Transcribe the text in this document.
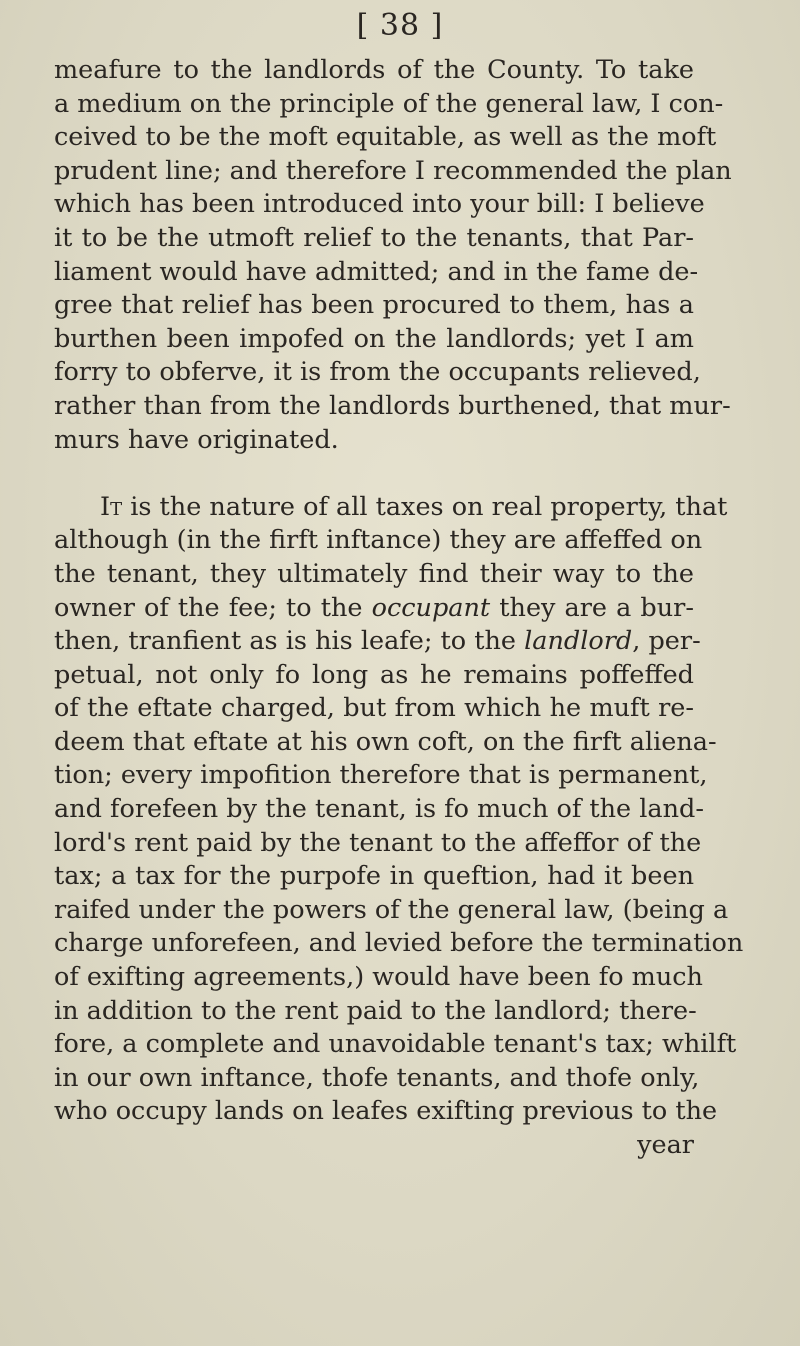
[ 38 ]
meafure to the landlords of the County. To take
a medium on the principle of the general law, I con-
ceived to be the moft equitable, as well as the moft
prudent line; and therefore I recommended the plan
which has been introduced into your bill: I believe
it to be the utmoft relief to the tenants, that Par-
liament would have admitted; and in the fame de-
gree that relief has been procured to them, has a
burthen been impofed on the landlords; yet I am
forry to obferve, it is from the occupants relieved,
rather than from the landlords burthened, that mur-
murs have originated.
It is the nature of all taxes on real property, that
although (in the firft inftance) they are affeffed on
the tenant, they ultimately find their way to the
owner of the fee; to the occupant they are a bur-
then, tranfient as is his leafe; to the landlord, per-
petual, not only fo long as he remains poffeffed
of the eftate charged, but from which he muft re-
deem that eftate at his own coft, on the firft aliena-
tion; every impofition therefore that is permanent,
and forefeen by the tenant, is fo much of the land-
lord's rent paid by the tenant to the affeffor of the
tax; a tax for the purpofe in queftion, had it been
raifed under the powers of the general law, (being a
charge unforefeen, and levied before the termination
of exifting agreements,) would have been fo much
in addition to the rent paid to the landlord; there-
fore, a complete and unavoidable tenant's tax; whilft
in our own inftance, thofe tenants, and thofe only,
who occupy lands on leafes exifting previous to the
year
